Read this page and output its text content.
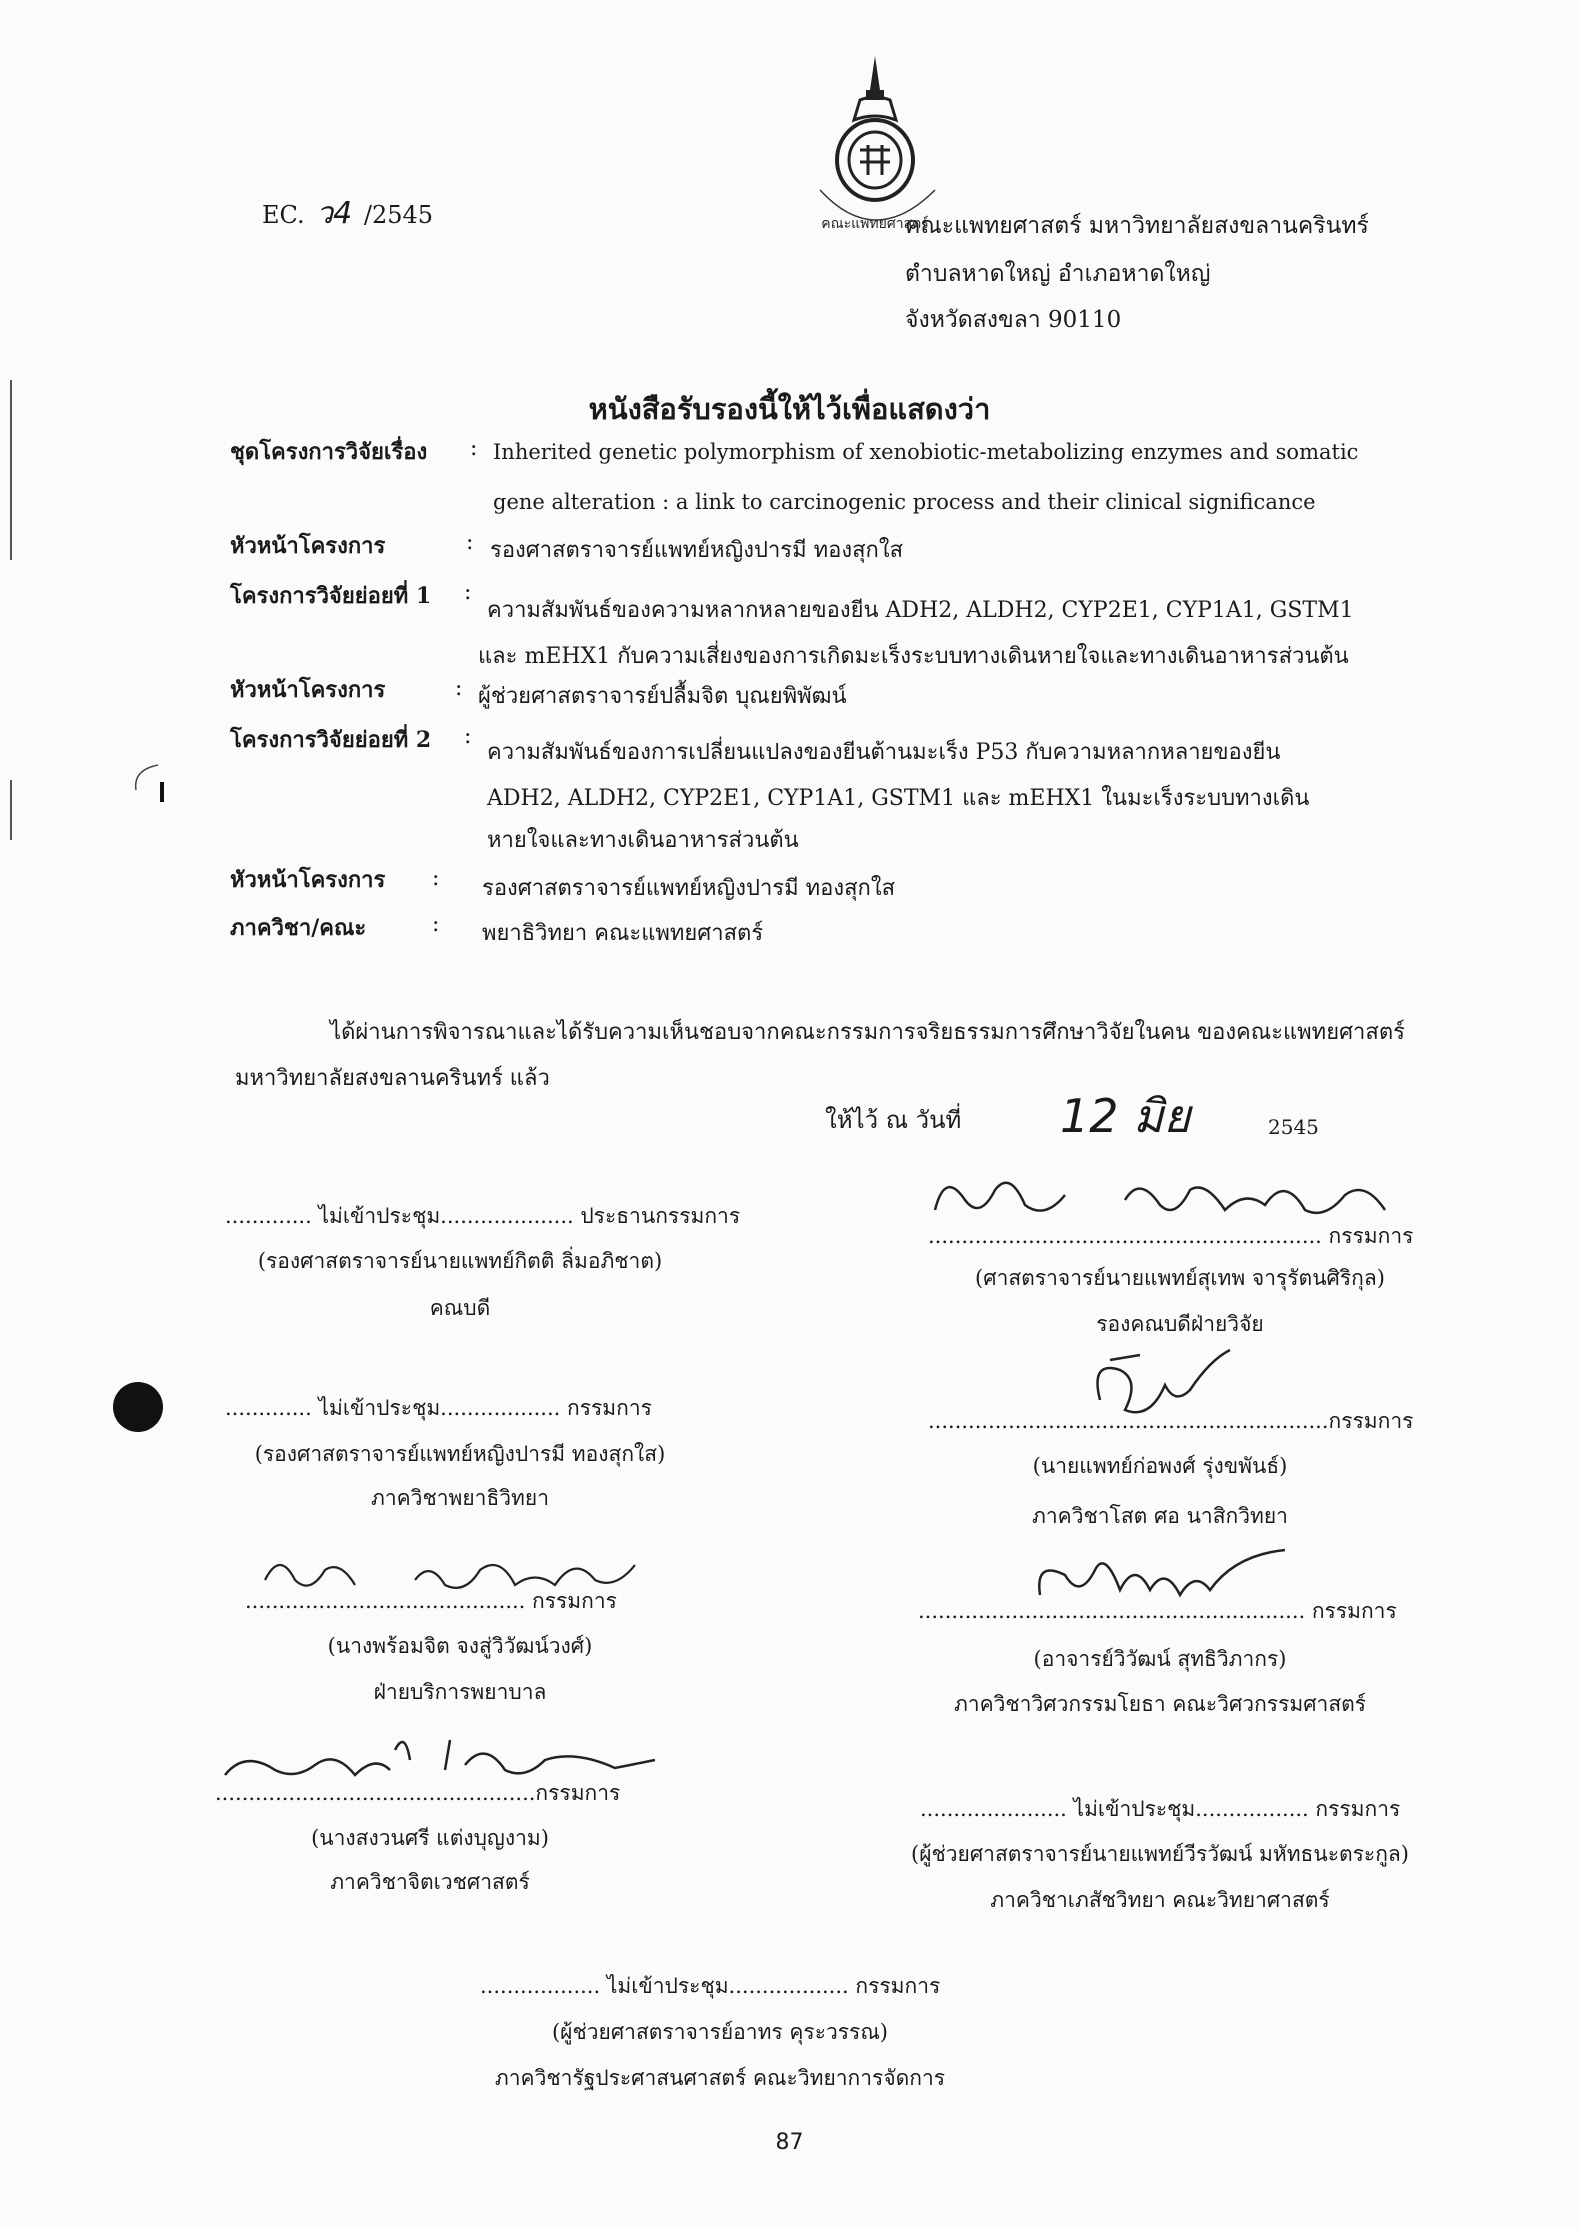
EC. ว4 /2545	คณะแพทยศาสตร์
คณะแพทยศาสตร์ มหาวิทยาลัยสงขลานครินทร์
ตำบลหาดใหญ่ อำเภอหาดใหญ่
จังหวัดสงขลา 90110
หนังสือรับรองนี้ให้ไว้เพื่อแสดงว่า
ชุดโครงการวิจัยเรื่อง : Inherited genetic polymorphism of xenobiotic-metabolizing enzymes and somatic
gene alteration : a link to carcinogenic process and their clinical significance
หัวหน้าโครงการ	: รองศาสตราจารย์แพทย์หญิงปารมี ทองสุกใส
โครงการวิจัยย่อยที่ 1 :
ความสัมพันธ์ของความหลากหลายของยีน ADH2, ALDH2, CYP2E1, CYP1A1, GSTM1
และ mEHX1 กับความเสี่ยงของการเกิดมะเร็งระบบทางเดินหายใจและทางเดินอาหารส่วนต้น
หัวหน้าโครงการ	: ผู้ช่วยศาสตราจารย์ปลื้มจิต บุณยพิพัฒน์
โครงการวิจัยย่อยที่ 2 :
ความสัมพันธ์ของการเปลี่ยนแปลงของยีนต้านมะเร็ง P53 กับความหลากหลายของยีน
ADH2, ALDH2, CYP2E1, CYP1A1, GSTM1 และ mEHX1 ในมะเร็งระบบทางเดิน
หายใจและทางเดินอาหารส่วนต้น
หัวหน้าโครงการ : รองศาสตราจารย์แพทย์หญิงปารมี ทองสุกใส
ภาควิชา/คณะ	: พยาธิวิทยา คณะแพทยศาสตร์
ได้ผ่านการพิจารณาและได้รับความเห็นชอบจากคณะกรรมการจริยธรรมการศึกษาวิจัยในคน ของคณะแพทยศาสตร์ มหาวิทยาลัยสงขลานครินทร์ แล้ว
ให้ไว้ ณ วันที่ 12 มิย	2545
............. ไม่เข้าประชุม.................... ประธานกรรมการ
(รองศาสตราจารย์นายแพทย์กิตติ ลิ่มอภิชาต)
คณบดี
........................................................... กรรมการ
(ศาสตราจารย์นายแพทย์สุเทพ จารุรัตนศิริกุล)
รองคณบดีฝ่ายวิจัย
............. ไม่เข้าประชุม.................. กรรมการ
(รองศาสตราจารย์แพทย์หญิงปารมี ทองสุกใส)
ภาควิชาพยาธิวิทยา
............................................................กรรมการ
(นายแพทย์ก่อพงศ์ รุ่งขพันธ์)
ภาควิชาโสต ศอ นาสิกวิทยา
.......................................... กรรมการ
(นางพร้อมจิต จงสู่วิวัฒน์วงศ์)
ฝ่ายบริการพยาบาล
.......................................................... กรรมการ
(อาจารย์วิวัฒน์ สุทธิวิภากร)
ภาควิชาวิศวกรรมโยธา คณะวิศวกรรมศาสตร์
................................................กรรมการ
(นางสงวนศรี แต่งบุญงาม)
ภาควิชาจิตเวชศาสตร์
...................... ไม่เข้าประชุม................. กรรมการ
(ผู้ช่วยศาสตราจารย์นายแพทย์วีรวัฒน์ มหัทธนะตระกูล)
ภาควิชาเภสัชวิทยา คณะวิทยาศาสตร์
.................. ไม่เข้าประชุม.................. กรรมการ
(ผู้ช่วยศาสตราจารย์อาทร คุระวรรณ)
ภาควิชารัฐประศาสนศาสตร์ คณะวิทยาการจัดการ
87
